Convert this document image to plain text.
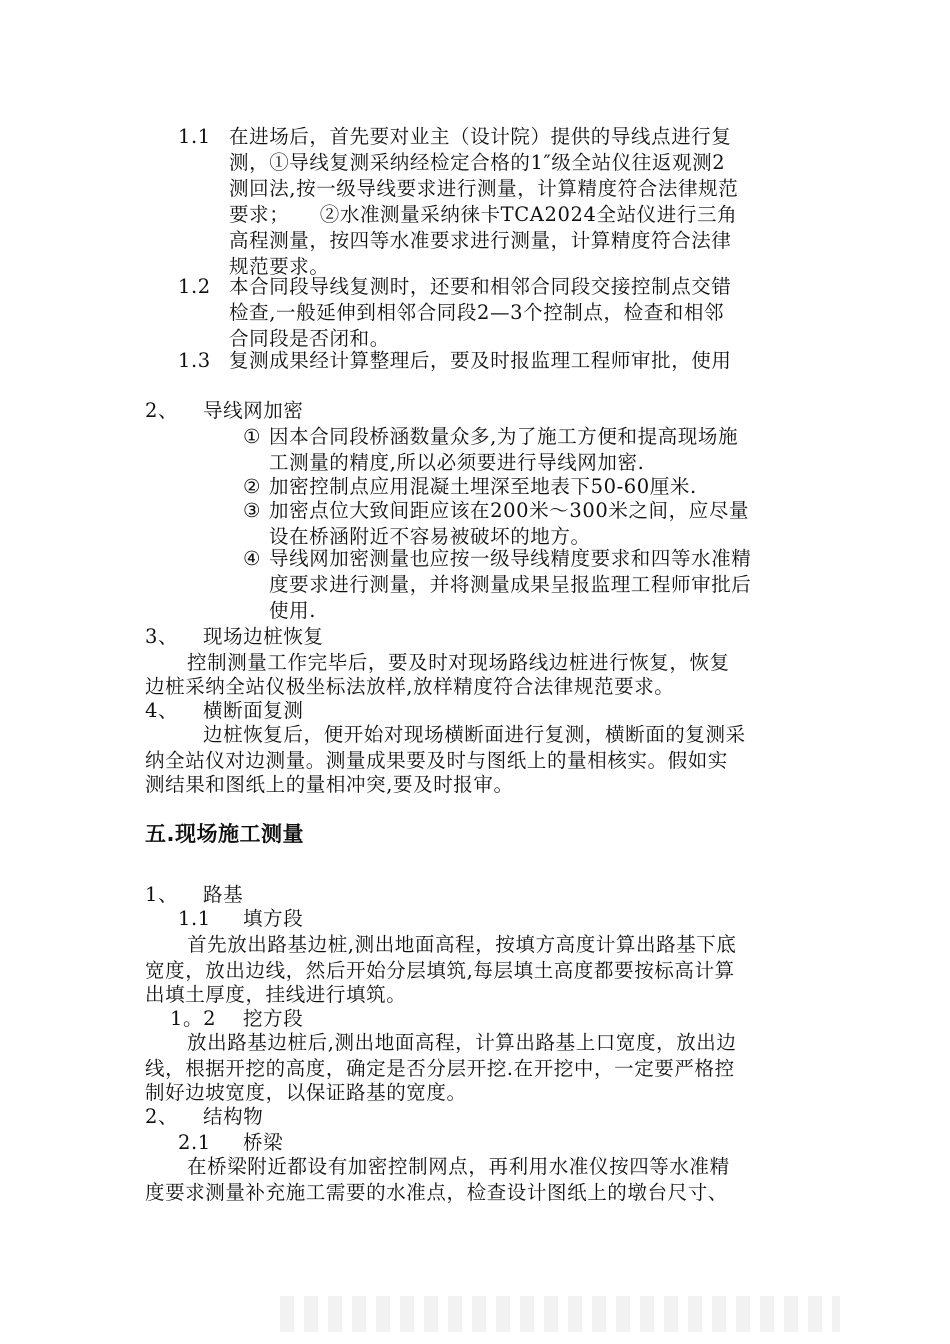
1.1 在进场后，首先要对业主（设计院）提供的导线点进行复
测，①导线复测采纳经检定合格的1″级全站仪往返观测2
测回法,按一级导线要求进行测量，计算精度符合法律规范
要求；　　②水准测量采纳徕卡TCA2024全站仪进行三角
高程测量，按四等水准要求进行测量，计算精度符合法律
规范要求。
1.2 本合同段导线复测时，还要和相邻合同段交接控制点交错
检查,一般延伸到相邻合同段2—3个控制点，检查和相邻
合同段是否闭和。
1.3 复测成果经计算整理后，要及时报监理工程师审批，使用
2、 导线网加密
① 因本合同段桥涵数量众多,为了施工方便和提高现场施
工测量的精度,所以必须要进行导线网加密.
② 加密控制点应用混凝土埋深至地表下50-60厘米.
③ 加密点位大致间距应该在200米～300米之间，应尽量
设在桥涵附近不容易被破坏的地方。
④ 导线网加密测量也应按一级导线精度要求和四等水准精
度要求进行测量，并将测量成果呈报监理工程师审批后
使用.
3、 现场边桩恢复
控制测量工作完毕后，要及时对现场路线边桩进行恢复，恢复
边桩采纳全站仪极坐标法放样,放样精度符合法律规范要求。
4、 横断面复测
边桩恢复后，便开始对现场横断面进行复测，横断面的复测采
纳全站仪对边测量。测量成果要及时与图纸上的量相核实。假如实
测结果和图纸上的量相冲突,要及时报审。
五.现场施工测量
1、 路基
1.1 填方段
首先放出路基边桩,测出地面高程，按填方高度计算出路基下底
宽度，放出边线，然后开始分层填筑,每层填土高度都要按标高计算
出填土厚度，挂线进行填筑。
1。2 挖方段
放出路基边桩后,测出地面高程，计算出路基上口宽度，放出边
线，根据开挖的高度，确定是否分层开挖.在开挖中，一定要严格控
制好边坡宽度，以保证路基的宽度。
2、 结构物
2.1 桥梁
在桥梁附近都设有加密控制网点，再利用水准仪按四等水准精
度要求测量补充施工需要的水准点，检查设计图纸上的墩台尺寸、
